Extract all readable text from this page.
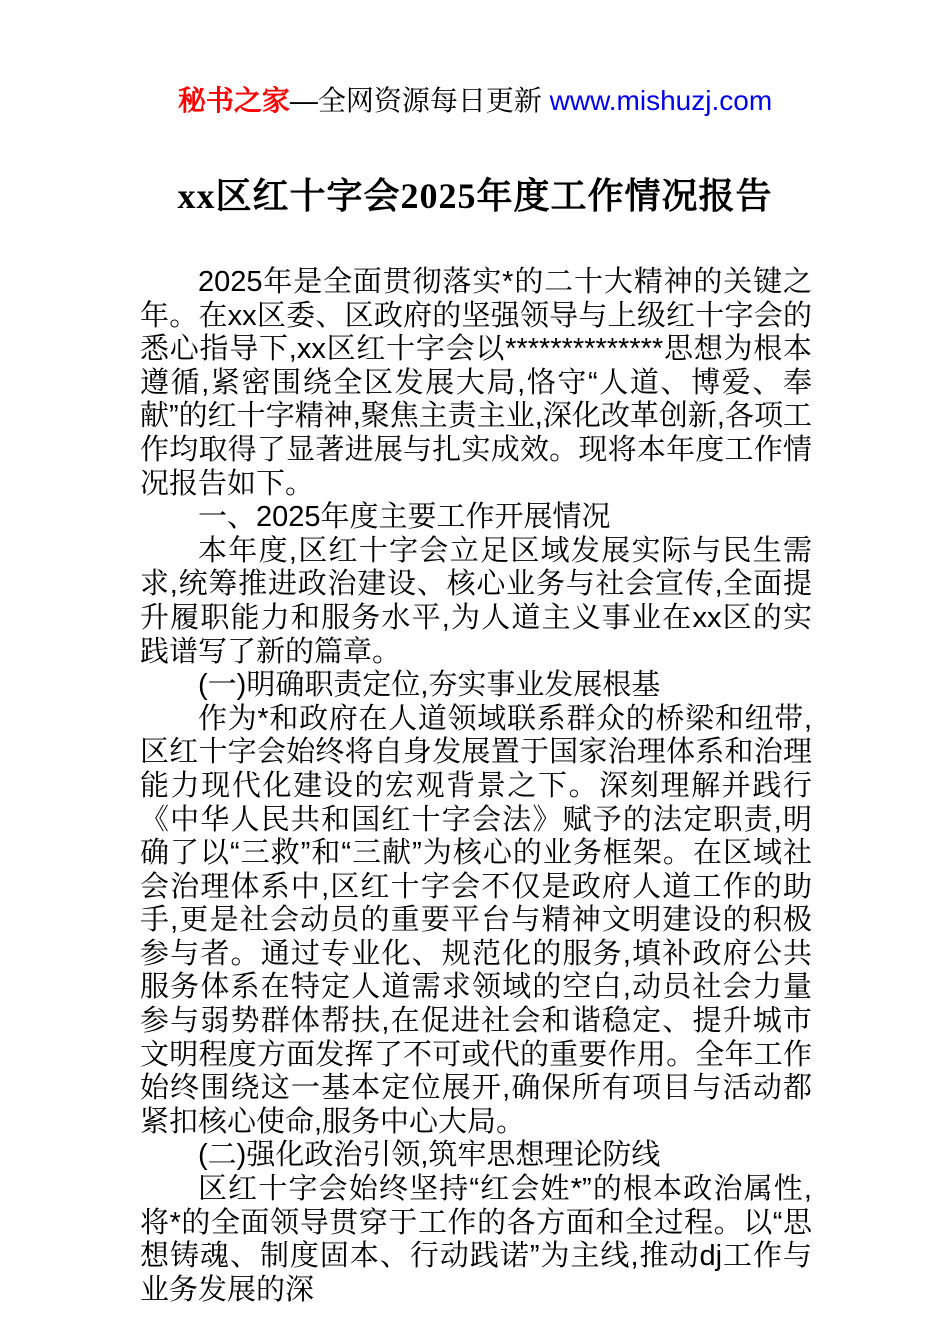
秘书之家—全网资源每日更新 www.mishuzj.com
xx区红十字会2025年度工作情况报告

2025年是全面贯彻落实*的二十大精神的关键之年。在xx区委、区政府的坚强领导与上级红十字会的悉心指导下,xx区红十字会以**************思想为根本遵循,紧密围绕全区发展大局,恪守“人道、博爱、奉献”的红十字精神,聚焦主责主业,深化改革创新,各项工作均取得了显著进展与扎实成效。现将本年度工作情况报告如下。

一、2025年度主要工作开展情况

本年度,区红十字会立足区域发展实际与民生需求,统筹推进政治建设、核心业务与社会宣传,全面提升履职能力和服务水平,为人道主义事业在xx区的实践谱写了新的篇章。

(一)明确职责定位,夯实事业发展根基

作为*和政府在人道领域联系群众的桥梁和纽带,区红十字会始终将自身发展置于国家治理体系和治理能力现代化建设的宏观背景之下。深刻理解并践行《中华人民共和国红十字会法》赋予的法定职责,明确了以“三救”和“三献”为核心的业务框架。在区域社会治理体系中,区红十字会不仅是政府人道工作的助手,更是社会动员的重要平台与精神文明建设的积极参与者。通过专业化、规范化的服务,填补政府公共服务体系在特定人道需求领域的空白,动员社会力量参与弱势群体帮扶,在促进社会和谐稳定、提升城市文明程度方面发挥了不可或代的重要作用。全年工作始终围绕这一基本定位展开,确保所有项目与活动都紧扣核心使命,服务中心大局。

(二)强化政治引领,筑牢思想理论防线

区红十字会始终坚持“红会姓*”的根本政治属性,将*的全面领导贯穿于工作的各方面和全过程。以“思想铸魂、制度固本、行动践诺”为主线,推动dj工作与业务发展的深
